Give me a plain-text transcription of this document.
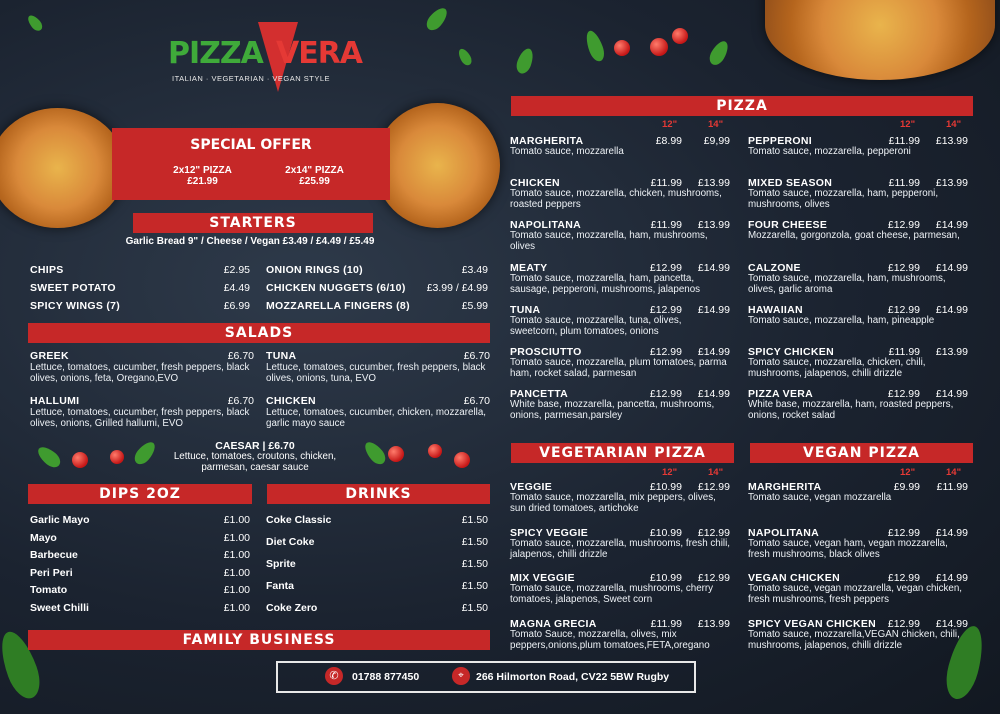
PIZZA VERA
ITALIAN · VEGETARIAN · VEGAN STYLE
SPECIAL OFFER
2x12" PIZZA
£21.99
2x14" PIZZA
£25.99
STARTERS
Garlic Bread 9" / Cheese / Vegan £3.49 / £4.49 / £5.49
CHIPS	£2.95
SWEET POTATO	£4.49
SPICY WINGS (7)	£6.99
ONION RINGS (10)	£3.49
CHICKEN NUGGETS (6/10)	£3.99 / £4.99
MOZZARELLA FINGERS (8)	£5.99
SALADS
GREEK	£6.70
Lettuce, tomatoes, cucumber, fresh peppers, black olives, onions, feta, Oregano,EVO
TUNA	£6.70
Lettuce, tomatoes, cucumber, fresh peppers, black olives, onions, tuna, EVO
HALLUMI	£6.70
Lettuce, tomatoes, cucumber, fresh peppers, black olives, onions, Grilled hallumi, EVO
CHICKEN	£6.70
Lettuce, tomatoes, cucumber, chicken, mozzarella, garlic mayo sauce
CAESAR | £6.70
Lettuce, tomatoes, croutons, chicken, parmesan, caesar sauce
DIPS 2OZ	DRINKS
Garlic Mayo	£1.00
Mayo	£1.00
Barbecue	£1.00
Peri Peri	£1.00
Tomato	£1.00
Sweet Chilli	£1.00
Coke Classic	£1.50
Diet Coke	£1.50
Sprite	£1.50
Fanta	£1.50
Coke Zero	£1.50
FAMILY BUSINESS
✆	01788 877450	⌖	266 Hilmorton Road, CV22 5BW Rugby
PIZZA
12"	14"	12"	14"
MARGHERITA	£8.99	£9,99
Tomato sauce, mozzarella
CHICKEN	£11.99	£13.99
Tomato sauce, mozzarella, chicken, mushrooms, roasted peppers
NAPOLITANA	£11.99	£13.99
Tomato sauce, mozzarella, ham, mushrooms, olives
MEATY	£12.99	£14.99
Tomato sauce, mozzarella, ham, pancetta, sausage, pepperoni, mushrooms, jalapenos
TUNA	£12.99	£14.99
Tomato sauce, mozzarella, tuna, olives, sweetcorn, plum tomatoes, onions
PROSCIUTTO	£12.99	£14.99
Tomato sauce, mozzarella, plum tomatoes, parma ham, rocket salad, parmesan
PANCETTA	£12.99	£14.99
White base, mozzarella, pancetta, mushrooms, onions, parmesan,parsley
PEPPERONI	£11.99	£13.99
Tomato sauce, mozzarella, pepperoni
MIXED SEASON	£11.99	£13.99
Tomato sauce, mozzarella, ham, pepperoni, mushrooms, olives
FOUR CHEESE	£12.99	£14.99
Mozzarella, gorgonzola, goat cheese, parmesan,
CALZONE	£12.99	£14.99
Tomato sauce, mozzarella, ham, mushrooms, olives, garlic aroma
HAWAIIAN	£12.99	£14.99
Tomato sauce, mozzarella, ham, pineapple
SPICY CHICKEN	£11.99	£13.99
Tomato sauce, mozzarella, chicken, chili, mushrooms, jalapenos, chilli drizzle
PIZZA VERA	£12.99	£14.99
White base, mozzarella, ham, roasted peppers, onions, rocket salad
VEGETARIAN PIZZA	VEGAN PIZZA
12"	14"	12"	14"
VEGGIE	£10.99	£12.99
Tomato sauce, mozzarella, mix peppers, olives, sun dried tomatoes, artichoke
SPICY VEGGIE	£10.99	£12.99
Tomato sauce, mozzarella, mushrooms, fresh chili, jalapenos, chilli drizzle
MIX VEGGIE	£10.99	£12.99
Tomato sauce, mozzarella, mushrooms, cherry tomatoes, jalapenos, Sweet corn
MAGNA GRECIA	£11.99	£13.99
Tomato Sauce, mozzarella, olives, mix peppers,onions,plum tomatoes,FETA,oregano
MARGHERITA	£9.99	£11.99
Tomato sauce, vegan mozzarella
NAPOLITANA	£12.99	£14.99
Tomato sauce, vegan ham, vegan mozzarella, fresh mushrooms, black olives
VEGAN CHICKEN	£12.99	£14.99
Tomato sauce, vegan mozzarella, vegan chicken, fresh mushrooms, fresh peppers
SPICY VEGAN CHICKEN	£12.99	£14.99
Tomato sauce, mozzarella,VEGAN chicken, chili, mushrooms, jalapenos, chilli drizzle
